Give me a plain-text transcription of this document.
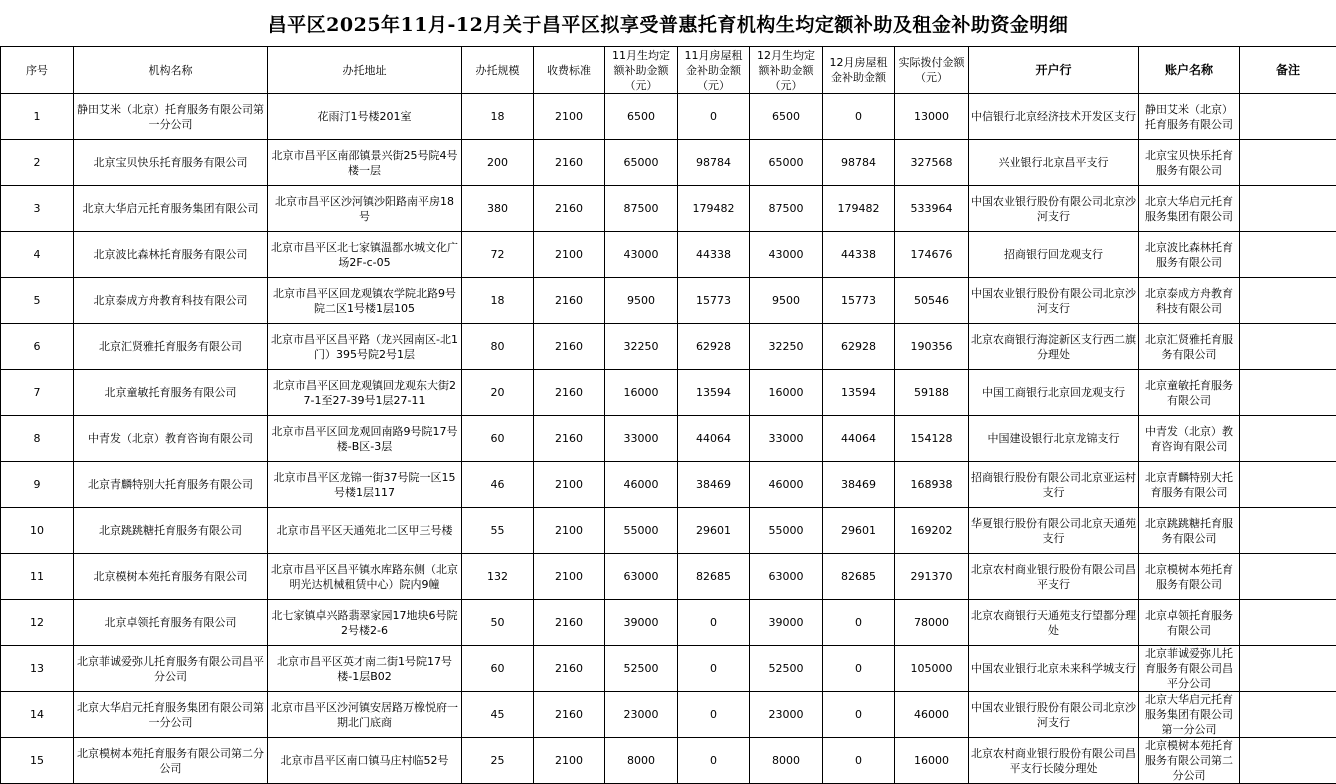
昌平区2025年11月-12月关于昌平区拟享受普惠托育机构生均定额补助及租金补助资金明细
序号	机构名称	办托地址	办托规模	收费标准	11月生均定额补助金额（元）	11月房屋租金补助金额（元）	12月生均定额补助金额（元）	12月房屋租金补助金额	实际拨付金额（元）	开户行	账户名称	备注
1	静田艾米（北京）托育服务有限公司第一分公司	花雨汀1号楼201室	18	2100	6500	0	6500	0	13000	中信银行北京经济技术开发区支行	静田艾米（北京）托育服务有限公司	
2	北京宝贝快乐托育服务有限公司	北京市昌平区南邵镇景兴街25号院4号楼一层	200	2160	65000	98784	65000	98784	327568	兴业银行北京昌平支行	北京宝贝快乐托育服务有限公司	
3	北京大华启元托育服务集团有限公司	北京市昌平区沙河镇沙阳路南平房18号	380	2160	87500	179482	87500	179482	533964	中国农业银行股份有限公司北京沙河支行	北京大华启元托育服务集团有限公司	
4	北京波比森林托育服务有限公司	北京市昌平区北七家镇温都水城文化广场2F-c-05	72	2100	43000	44338	43000	44338	174676	招商银行回龙观支行	北京波比森林托育服务有限公司	
5	北京泰成方舟教育科技有限公司	北京市昌平区回龙观镇农学院北路9号院二区1号楼1层105	18	2160	9500	15773	9500	15773	50546	中国农业银行股份有限公司北京沙河支行	北京泰成方舟教育科技有限公司	
6	北京汇贤雅托育服务有限公司	北京市昌平区昌平路（龙兴园南区-北1门）395号院2号1层	80	2160	32250	62928	32250	62928	190356	北京农商银行海淀新区支行西二旗分理处	北京汇贤雅托育服务有限公司	
7	北京童敏托育服务有限公司	北京市昌平区回龙观镇回龙观东大街27-1至27-39号1层27-11	20	2160	16000	13594	16000	13594	59188	中国工商银行北京回龙观支行	北京童敏托育服务有限公司	
8	中青发（北京）教育咨询有限公司	北京市昌平区回龙观回南路9号院17号楼-B区-3层	60	2160	33000	44064	33000	44064	154128	中国建设银行北京龙锦支行	中青发（北京）教育咨询有限公司	
9	北京青麟特别大托育服务有限公司	北京市昌平区龙锦一街37号院一区15号楼1层117	46	2100	46000	38469	46000	38469	168938	招商银行股份有限公司北京亚运村支行	北京青麟特别大托育服务有限公司	
10	北京跳跳糖托育服务有限公司	北京市昌平区天通苑北二区甲三号楼	55	2100	55000	29601	55000	29601	169202	华夏银行股份有限公司北京天通苑支行	北京跳跳糖托育服务有限公司	
11	北京模树本苑托育服务有限公司	北京市昌平区昌平镇水库路东侧（北京明光达机械租赁中心）院内9幢	132	2100	63000	82685	63000	82685	291370	北京农村商业银行股份有限公司昌平支行	北京模树本苑托育服务有限公司	
12	北京卓领托育服务有限公司	北七家镇卓兴路翡翠家园17地块6号院2号楼2-6	50	2160	39000	0	39000	0	78000	北京农商银行天通苑支行望都分理处	北京卓领托育服务有限公司	
13	北京菲诚爱弥儿托育服务有限公司昌平分公司	北京市昌平区英才南二街1号院17号楼-1层B02	60	2160	52500	0	52500	0	105000	中国农业银行北京未来科学城支行	北京菲诚爱弥儿托育服务有限公司昌平分公司	
14	北京大华启元托育服务集团有限公司第一分公司	北京市昌平区沙河镇安居路万橡悦府一期北门底商	45	2160	23000	0	23000	0	46000	中国农业银行股份有限公司北京沙河支行	北京大华启元托育服务集团有限公司第一分公司	
15	北京模树本苑托育服务有限公司第二分公司	北京市昌平区南口镇马庄村临52号	25	2100	8000	0	8000	0	16000	北京农村商业银行股份有限公司昌平支行长陵分理处	北京模树本苑托育服务有限公司第二分公司	
